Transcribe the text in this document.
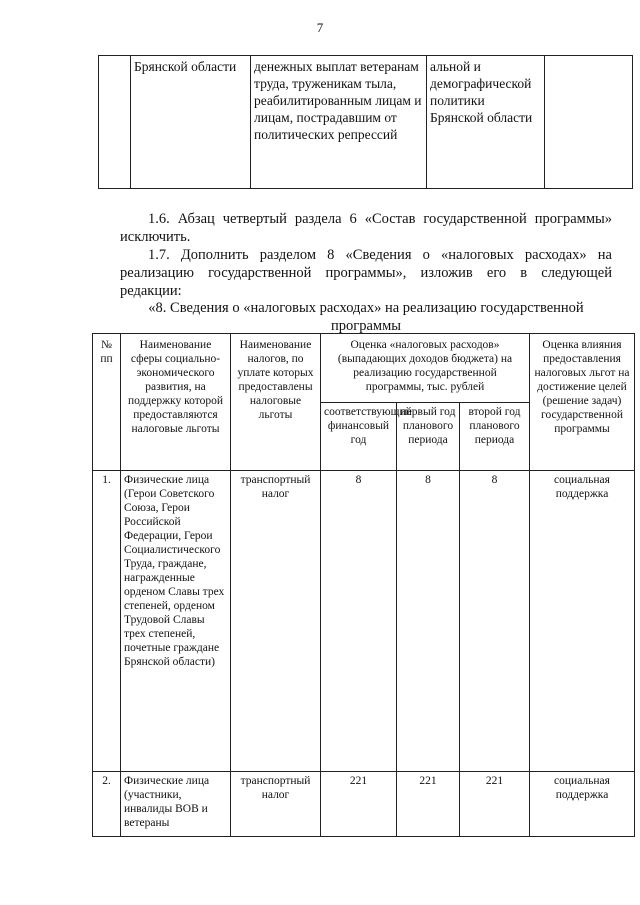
7
	Брянской области	денежных выплат ветеранам труда, труженикам тыла, реабилитированным лицам и лицам, пострадавшим от политических репрессий	альной и демографической политики Брянской области	

1.6. Абзац четвертый раздела 6 «Состав государственной программы» исключить.

1.7. Дополнить разделом 8 «Сведения о «налоговых расходах» на реализацию государственной программы», изложив его в следующей редакции:

«8. Сведения о «налоговых расходах» на реализацию государственной программы

№ пп	Наименование сферы социально-экономического развития, на поддержку которой предоставляются налоговые льготы	Наименование налогов, по уплате которых предоставлены налоговые льготы	Оценка «налоговых расходов» (выпадающих доходов бюджета) на реализацию государственной программы, тыс. рублей			Оценка влияния предоставления налоговых льгот на достижение целей (решение задач) государственной программы
			соответствующий финансовый год	первый год планового периода	второй год планового периода	
1.	Физические лица (Герои Советского Союза, Герои Российской Федерации, Герои Социалистического Труда, граждане, награжденные орденом Славы трех степеней, орденом Трудовой Славы трех степеней, почетные граждане Брянской области)	транспортный налог	8	8	8	социальная поддержка
2.	Физические лица (участники, инвалиды ВОВ и ветераны	транспортный налог	221	221	221	социальная поддержка
